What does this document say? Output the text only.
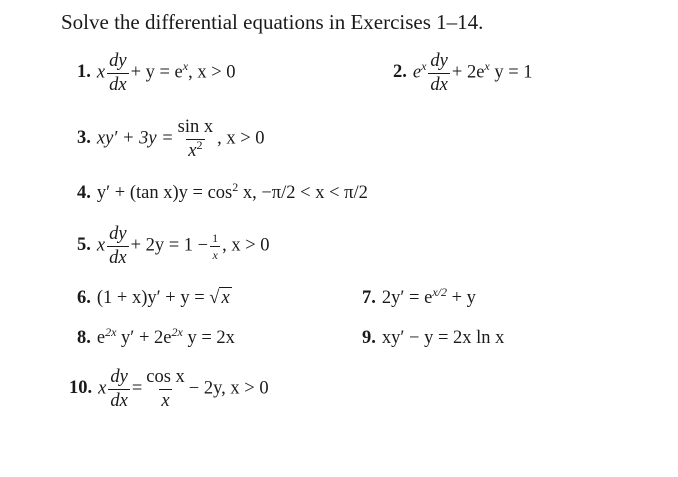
Solve the differential equations in Exercises 1–14.
1. x $\frac{dy}{dx} + y = e^x$, x > 0	2. $e^x \frac{dy}{dx} + 2e^x$ y = 1
3. $xy' + 3y = \frac{\text{sin x}}{x^2}$ , x > 0
4. y′ + (tan $x)y = \cos^2 x$, −π/2 < x < π/2
5. x $\frac{dy}{dx} + 2y = 1 - \frac{1}{x}$ , x > 0
6. (1 + x)y′ + y = √ x	7. $2y' = e^{x/2} + y$
8. $e^{2x}$ $y' + 2e^{2x}$ y = 2x	9. xy′ − y = 2x ln x
10. x $\frac{dy}{dx} = \frac{\text{cos x}}{x} - 2y$, x > 0
